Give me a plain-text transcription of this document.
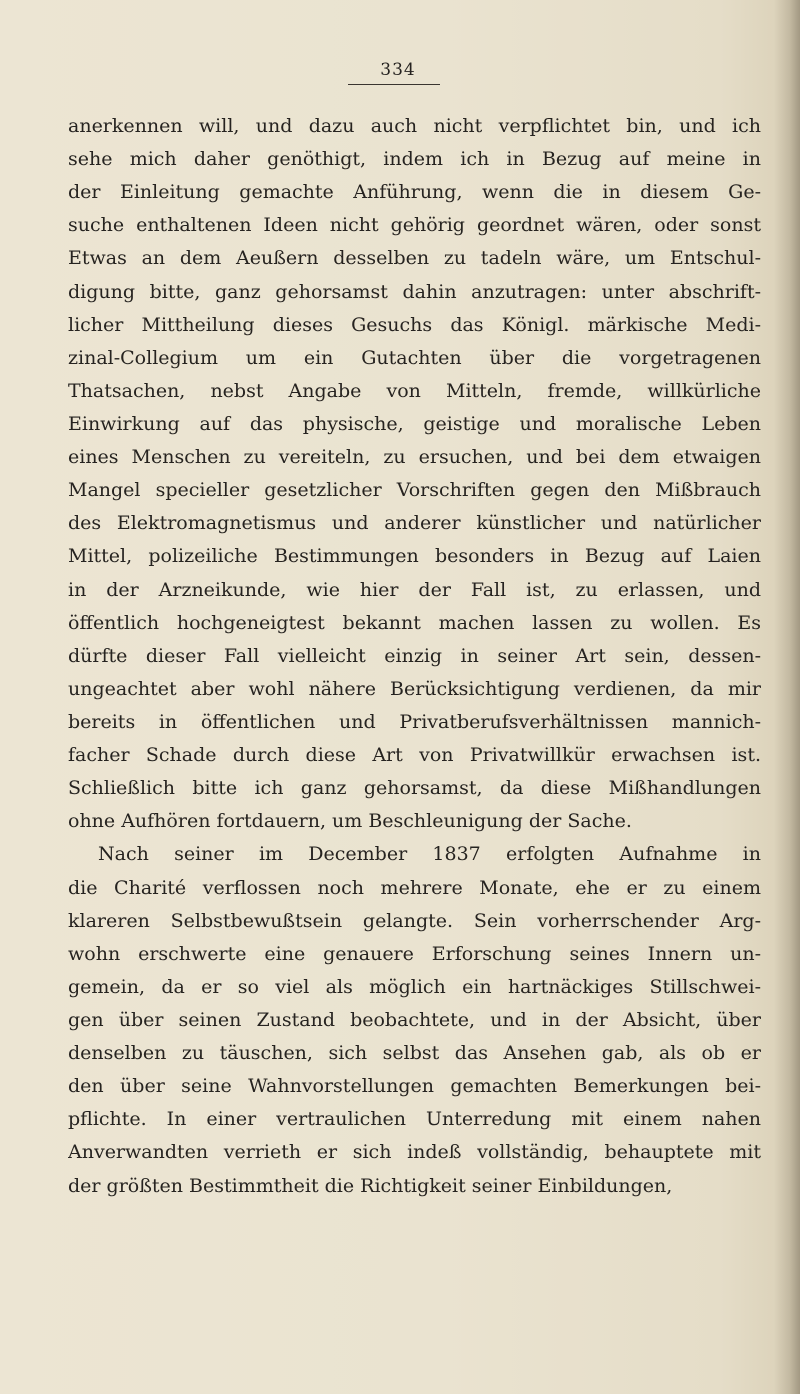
334
anerkennen will, und dazu auch nicht verpflichtet bin, und ich
sehe mich daher genöthigt, indem ich in Bezug auf meine in
der Einleitung gemachte Anführung, wenn die in diesem Ge-
suche enthaltenen Ideen nicht gehörig geordnet wären, oder sonst
Etwas an dem Aeußern desselben zu tadeln wäre, um Entschul-
digung bitte, ganz gehorsamst dahin anzutragen: unter abschrift-
licher Mittheilung dieses Gesuchs das Königl. märkische Medi-
zinal-Collegium um ein Gutachten über die vorgetragenen
Thatsachen, nebst Angabe von Mitteln, fremde, willkürliche
Einwirkung auf das physische, geistige und moralische Leben
eines Menschen zu vereiteln, zu ersuchen, und bei dem etwaigen
Mangel specieller gesetzlicher Vorschriften gegen den Mißbrauch
des Elektromagnetismus und anderer künstlicher und natürlicher
Mittel, polizeiliche Bestimmungen besonders in Bezug auf Laien
in der Arzneikunde, wie hier der Fall ist, zu erlassen, und
öffentlich hochgeneigtest bekannt machen lassen zu wollen. Es
dürfte dieser Fall vielleicht einzig in seiner Art sein, dessen-
ungeachtet aber wohl nähere Berücksichtigung verdienen, da mir
bereits in öffentlichen und Privatberufsverhältnissen mannich-
facher Schade durch diese Art von Privatwillkür erwachsen ist.
Schließlich bitte ich ganz gehorsamst, da diese Mißhandlungen
ohne Aufhören fortdauern, um Beschleunigung der Sache.
Nach seiner im December 1837 erfolgten Aufnahme in
die Charité verflossen noch mehrere Monate, ehe er zu einem
klareren Selbstbewußtsein gelangte. Sein vorherrschender Arg-
wohn erschwerte eine genauere Erforschung seines Innern un-
gemein, da er so viel als möglich ein hartnäckiges Stillschwei-
gen über seinen Zustand beobachtete, und in der Absicht, über
denselben zu täuschen, sich selbst das Ansehen gab, als ob er
den über seine Wahnvorstellungen gemachten Bemerkungen bei-
pflichte. In einer vertraulichen Unterredung mit einem nahen
Anverwandten verrieth er sich indeß vollständig, behauptete mit
der größten Bestimmtheit die Richtigkeit seiner Einbildungen,
